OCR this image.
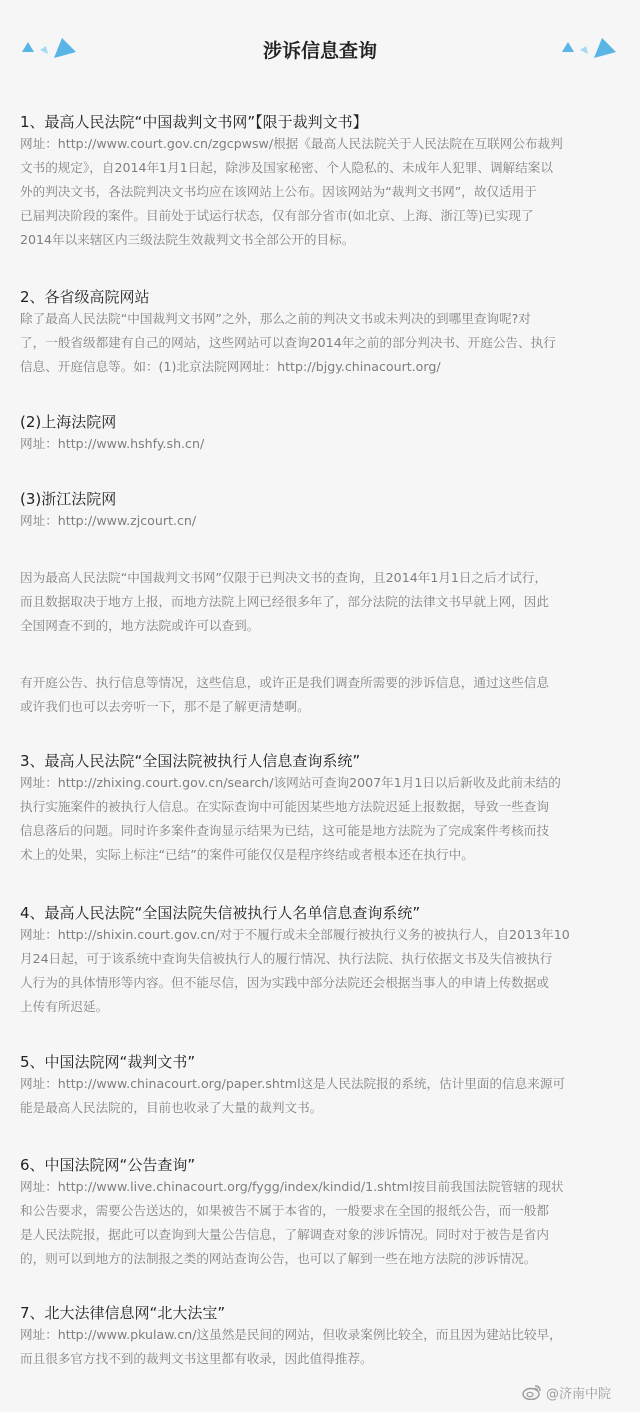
涉诉信息查询

1、最高人民法院“中国裁判文书网”【限于裁判文书】

网址：http://www.court.gov.cn/zgcpwsw/根据《最高人民法院关于人民法院在互联网公布裁判

文书的规定》，自2014年1月1日起，除涉及国家秘密、个人隐私的、未成年人犯罪、调解结案以

外的判决文书，各法院判决文书均应在该网站上公布。因该网站为“裁判文书网”，故仅适用于

已届判决阶段的案件。目前处于试运行状态，仅有部分省市(如北京、上海、浙江等)已实现了

2014年以来辖区内三级法院生效裁判文书全部公开的目标。

2、各省级高院网站

除了最高人民法院“中国裁判文书网”之外，那么之前的判决文书或未判决的到哪里查询呢?对

了，一般省级都建有自己的网站，这些网站可以查询2014年之前的部分判决书、开庭公告、执行

信息、开庭信息等。如：(1)北京法院网网址：http://bjgy.chinacourt.org/

(2)上海法院网

网址：http://www.hshfy.sh.cn/

(3)浙江法院网

网址：http://www.zjcourt.cn/

因为最高人民法院“中国裁判文书网”仅限于已判决文书的查询，且2014年1月1日之后才试行，

而且数据取决于地方上报，而地方法院上网已经很多年了，部分法院的法律文书早就上网，因此

全国网查不到的，地方法院或许可以查到。

有开庭公告、执行信息等情况，这些信息，或许正是我们调查所需要的涉诉信息，通过这些信息

或许我们也可以去旁听一下，那不是了解更清楚啊。

3、最高人民法院“全国法院被执行人信息查询系统”

网址：http://zhixing.court.gov.cn/search/该网站可查询2007年1月1日以后新收及此前未结的

执行实施案件的被执行人信息。在实际查询中可能因某些地方法院迟延上报数据，导致一些查询

信息落后的问题。同时许多案件查询显示结果为已结，这可能是地方法院为了完成案件考核而技

术上的处果，实际上标注“已结”的案件可能仅仅是程序终结或者根本还在执行中。

4、最高人民法院“全国法院失信被执行人名单信息查询系统”

网址：http://shixin.court.gov.cn/对于不履行或未全部履行被执行义务的被执行人，自2013年10

月24日起，可于该系统中查询失信被执行人的履行情况、执行法院、执行依据文书及失信被执行

人行为的具体情形等内容。但不能尽信，因为实践中部分法院还会根据当事人的申请上传数据或

上传有所迟延。

5、中国法院网“裁判文书”

网址：http://www.chinacourt.org/paper.shtml这是人民法院报的系统，估计里面的信息来源可

能是最高人民法院的，目前也收录了大量的裁判文书。

6、中国法院网“公告查询”

网址：http://www.live.chinacourt.org/fygg/index/kindid/1.shtml按目前我国法院管辖的现状

和公告要求，需要公告送达的，如果被告不属于本省的，一般要求在全国的报纸公告，而一般都

是人民法院报，据此可以查询到大量公告信息，了解调查对象的涉诉情况。同时对于被告是省内

的，则可以到地方的法制报之类的网站查询公告，也可以了解到一些在地方法院的涉诉情况。

7、北大法律信息网“北大法宝”

网址：http://www.pkulaw.cn/这虽然是民间的网站，但收录案例比较全，而且因为建站比较早，

而且很多官方找不到的裁判文书这里都有收录，因此值得推荐。

@济南中院
